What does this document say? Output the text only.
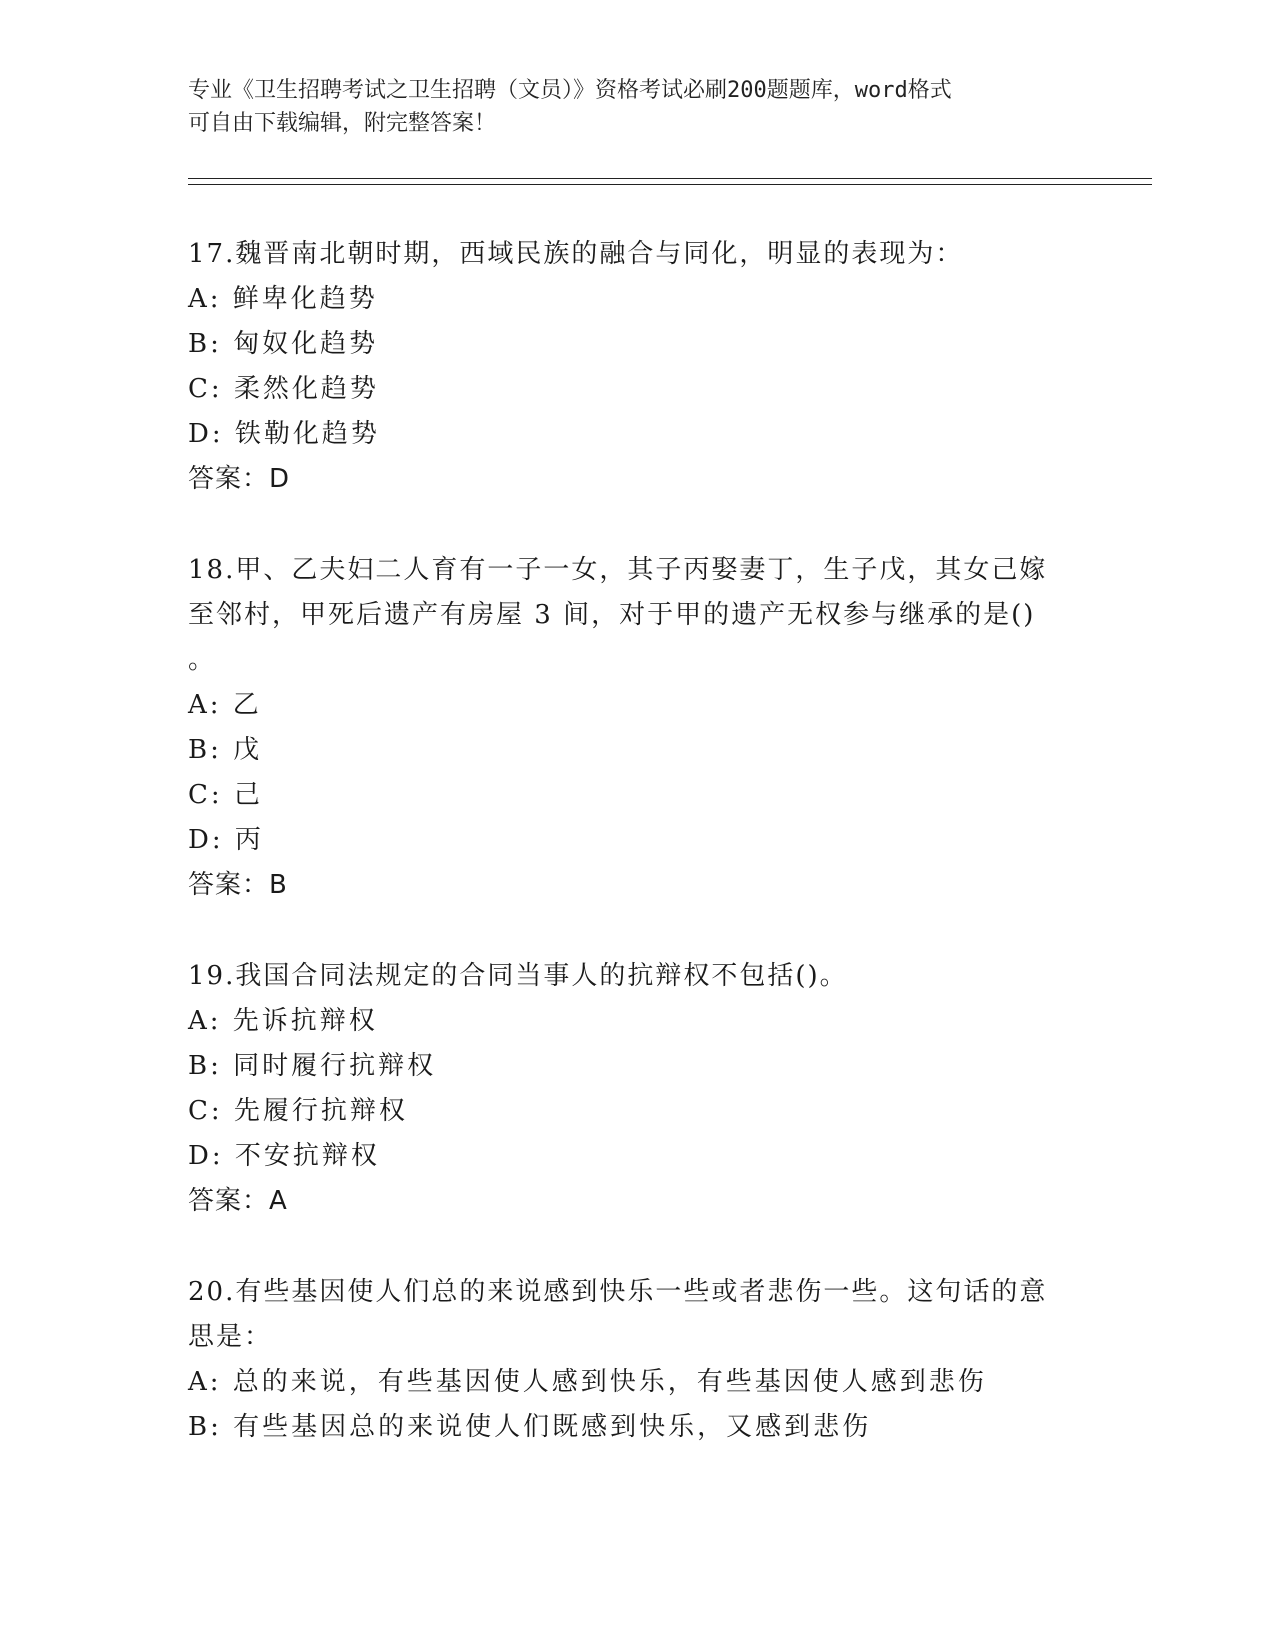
专业《卫生招聘考试之卫生招聘（文员）》资格考试必刷200题题库，word格式
可自由下载编辑，附完整答案！
17.魏晋南北朝时期，西域民族的融合与同化，明显的表现为：
A: 鲜卑化趋势
B: 匈奴化趋势
C: 柔然化趋势
D: 铁勒化趋势
答案：D
18.甲、乙夫妇二人育有一子一女，其子丙娶妻丁，生子戊，其女己嫁
至邻村，甲死后遗产有房屋 3 间，对于甲的遗产无权参与继承的是()
。
A: 乙
B: 戊
C: 己
D: 丙
答案：B
19.我国合同法规定的合同当事人的抗辩权不包括()。
A: 先诉抗辩权
B: 同时履行抗辩权
C: 先履行抗辩权
D: 不安抗辩权
答案：A
20.有些基因使人们总的来说感到快乐一些或者悲伤一些。这句话的意
思是：
A: 总的来说，有些基因使人感到快乐，有些基因使人感到悲伤
B: 有些基因总的来说使人们既感到快乐，又感到悲伤
